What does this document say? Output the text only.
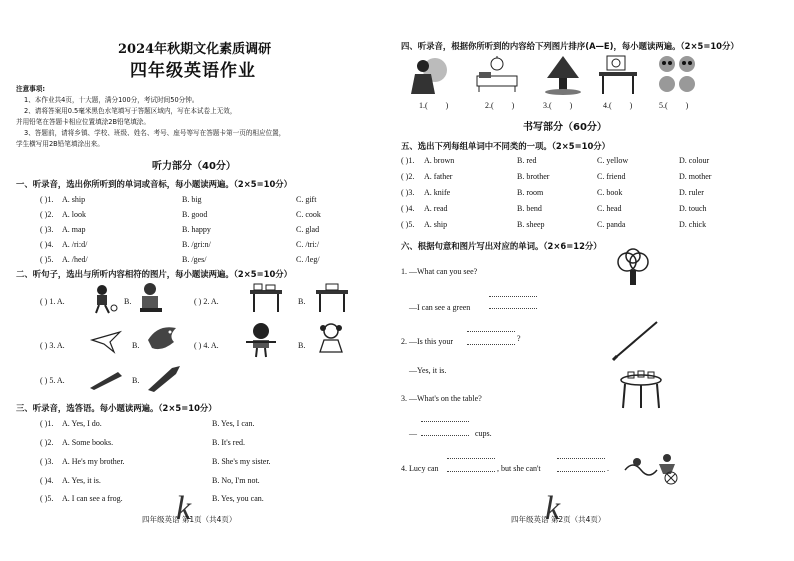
2024年秋期文化素质调研
四年级英语作业
注意事项:
1、本作业共4页，十大题，满分100分，考试时间50分钟。
2、请将答案用0.5毫米黑色水笔填写于答题区域内，写在本试卷上无效，
并用铅笔在答题卡相应位置填涂2B铅笔填涂。
3、答题前，请将乡镇、学校、班级、姓名、考号、座号等写在答题卡第一页的相应位置，
学生横写用2B铅笔填涂出来。
听力部分（40分）
一、听录音，选出你所听到的单词或音标，每小题读两遍。（2×5=10分）
( )1. A. ship	B. big	C. gift
( )2. A. look	B. good	C. cook
( )3. A. map	B. happy	C. glad
( )4. A. /ri:d/	B. /gri:n/	C. /tri:/
( )5. A. /hed/	B. /ges/	C. /leg/
二、听句子，选出与所听内容相符的图片，每小题读两遍。（2×5=10分）
( ) 1. A.	B.	( ) 2. A.	B.
( ) 3. A.	B.	( ) 4. A.	B.
( ) 5. A.	B.
三、听录音，选答语。每小题读两遍。（2×5=10分）
( )1. A. Yes, I do.	B. Yes, I can.
( )2. A. Some books.	B. It's red.
( )3. A. He's my brother.	B. She's my sister.
( )4. A. Yes, it is.	B. No, I'm not.
( )5. A. I can see a frog.	B. Yes, you can.
k
四年级英语 第1页（共4页）
四、听录音，根据你所听到的内容给下列图片排序(A—E)，每小题读两遍。（2×5=10分）
1.( )	2.( )	3.( )	4.( )	5.( )
书写部分（60分）
五、选出下列每组单词中不同类的一项。（2×5=10分）
( )1. A. brown	B. red	C. yellow	D. colour
( )2. A. father	B. brother	C. friend	D. mother
( )3. A. knife	B. room	C. book	D. ruler
( )4. A. read	B. bend	C. head	D. touch
( )5. A. ship	B. sheep	C. panda	D. chick
六、根据句意和图片写出对应的单词。（2×6=12分）
1. —What can you see?
—I can see a green
2. —Is this your	?
—Yes, it is.
3. —What's on the table?
—	cups.
4. Lucy can	, but she can't	.
k
四年级英语 第2页（共4页）
